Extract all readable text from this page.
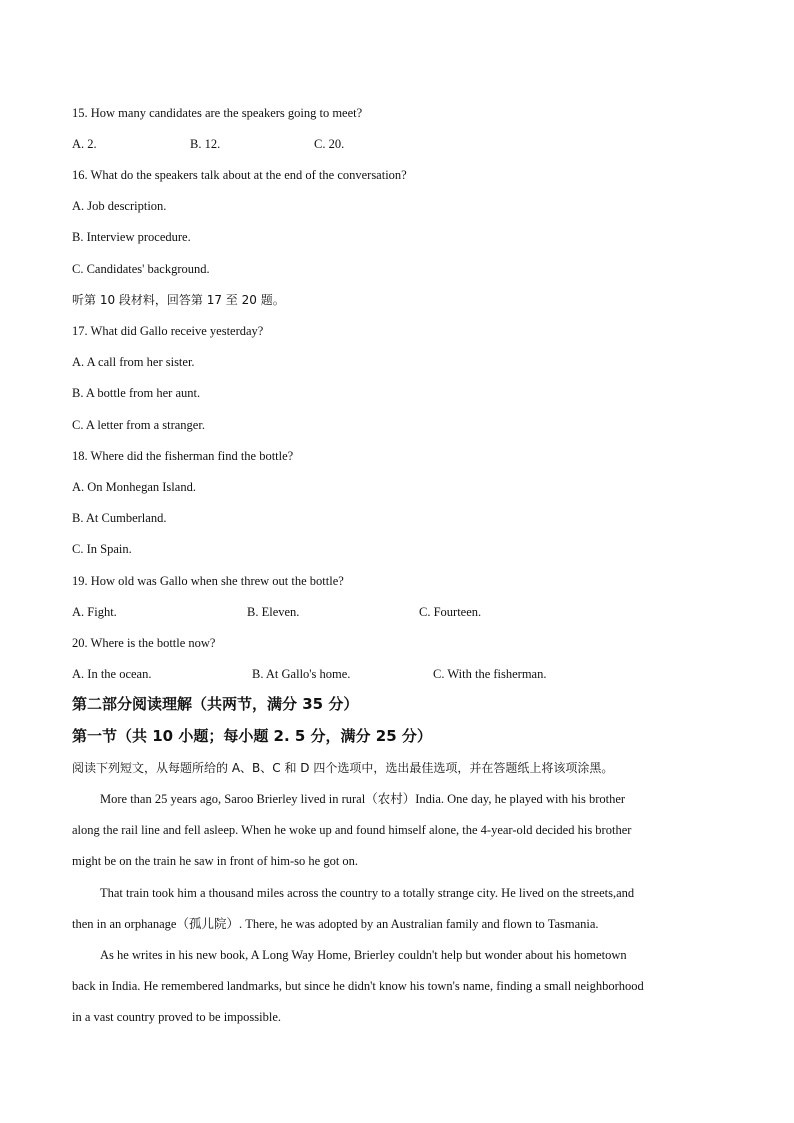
15. How many candidates are the speakers going to meet?
A. 2.	B. 12.	C. 20.
16. What do the speakers talk about at the end of the conversation?
A. Job description.
B. Interview procedure.
C. Candidates' background.
听第 10 段材料，回答第 17 至 20 题。
17. What did Gallo receive yesterday?
A. A call from her sister.
B. A bottle from her aunt.
C. A letter from a stranger.
18. Where did the fisherman find the bottle?
A. On Monhegan Island.
B. At Cumberland.
C. In Spain.
19. How old was Gallo when she threw out the bottle?
A. Fight.	B. Eleven.	C. Fourteen.
20. Where is the bottle now?
A. In the ocean.	B. At Gallo's home.	C. With the fisherman.
第二部分阅读理解（共两节，满分 35 分）
第一节（共 10 小题；每小题 2. 5 分，满分 25 分）
阅读下列短文，从每题所给的 A、B、C 和 D 四个选项中，选出最佳选项，并在答题纸上将该项涂黑。
More than 25 years ago, Saroo Brierley lived in rural（农村）India. One day, he played with his brother
along the rail line and fell asleep. When he woke up and found himself alone, the 4-year-old decided his brother
might be on the train he saw in front of him-so he got on.
That train took him a thousand miles across the country to a totally strange city. He lived on the streets,and
then in an orphanage（孤儿院）. There, he was adopted by an Australian family and flown to Tasmania.
As he writes in his new book, A Long Way Home, Brierley couldn't help but wonder about his hometown
back in India. He remembered landmarks, but since he didn't know his town's name, finding a small neighborhood
in a vast country proved to be impossible.
